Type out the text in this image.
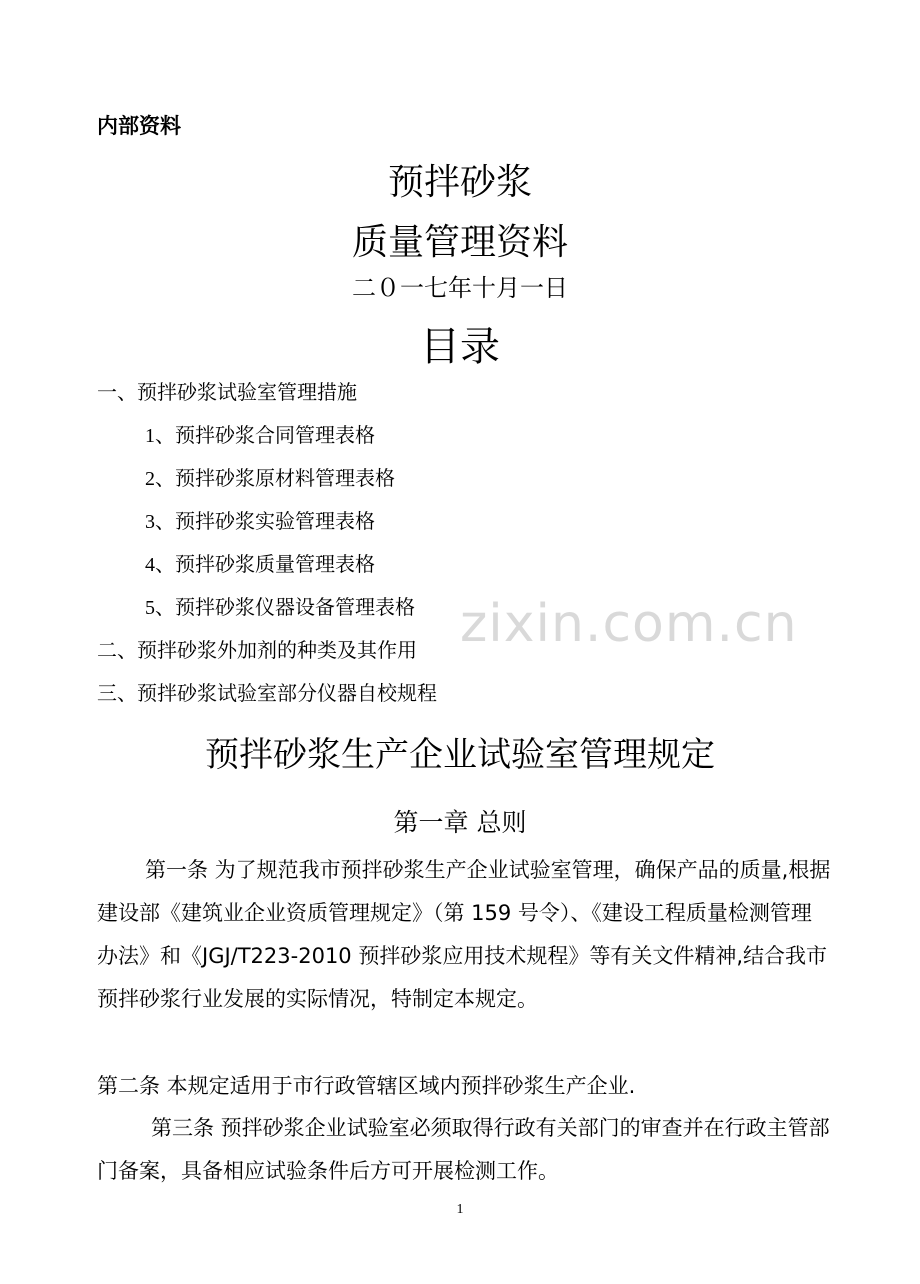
内部资料
预拌砂浆
质量管理资料
二０一七年十月一日
目录
一、预拌砂浆试验室管理措施
1、预拌砂浆合同管理表格
2、预拌砂浆原材料管理表格
3、预拌砂浆实验管理表格
4、预拌砂浆质量管理表格
5、预拌砂浆仪器设备管理表格
二、预拌砂浆外加剂的种类及其作用
三、预拌砂浆试验室部分仪器自校规程
zixin.com.cn
预拌砂浆生产企业试验室管理规定
第一章 总则
第一条 为了规范我市预拌砂浆生产企业试验室管理，确保产品的质量,根据建设部《建筑业企业资质管理规定》（第 159 号令）、《建设工程质量检测管理办法》和《JGJ/T223-2010 预拌砂浆应用技术规程》等有关文件精神,结合我市预拌砂浆行业发展的实际情况，特制定本规定。
第二条 本规定适用于市行政管辖区域内预拌砂浆生产企业.
第三条 预拌砂浆企业试验室必须取得行政有关部门的审查并在行政主管部门备案，具备相应试验条件后方可开展检测工作。
1
